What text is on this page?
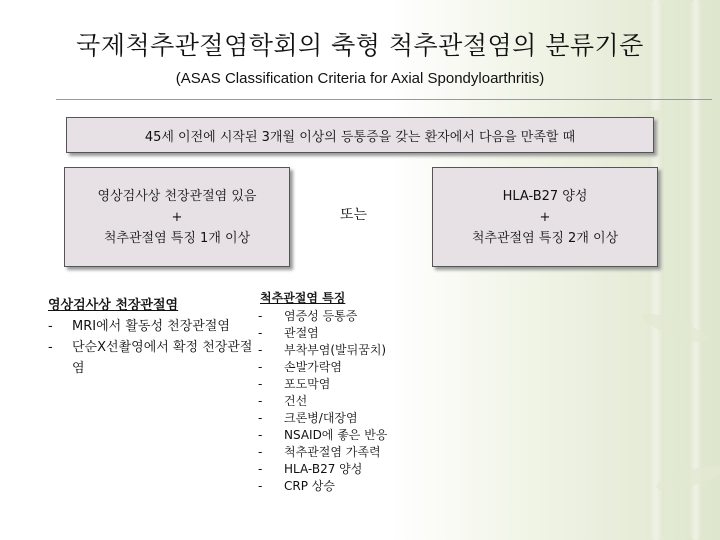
국제척추관절염학회의 축형 척추관절염의 분류기준
(ASAS Classification Criteria for Axial Spondyloarthritis)
45세 이전에 시작된 3개월 이상의 등통증을 갖는 환자에서 다음을 만족할 때
영상검사상 천장관절염 있음
+
척추관절염 특징 1개 이상
또는
HLA-B27 양성
+
척추관절염 특징 2개 이상
영상검사상 천장관절염
-	MRI에서 활동성 천장관절염
-	단순X선촬영에서 확정 천장관절염
척추관절염 특징
-	염증성 등통증
-	관절염
-	부착부염(발뒤꿈치)
-	손발가락염
-	포도막염
-	건선
-	크론병/대장염
-	NSAID에 좋은 반응
-	척추관절염 가족력
-	HLA-B27 양성
-	CRP 상승
